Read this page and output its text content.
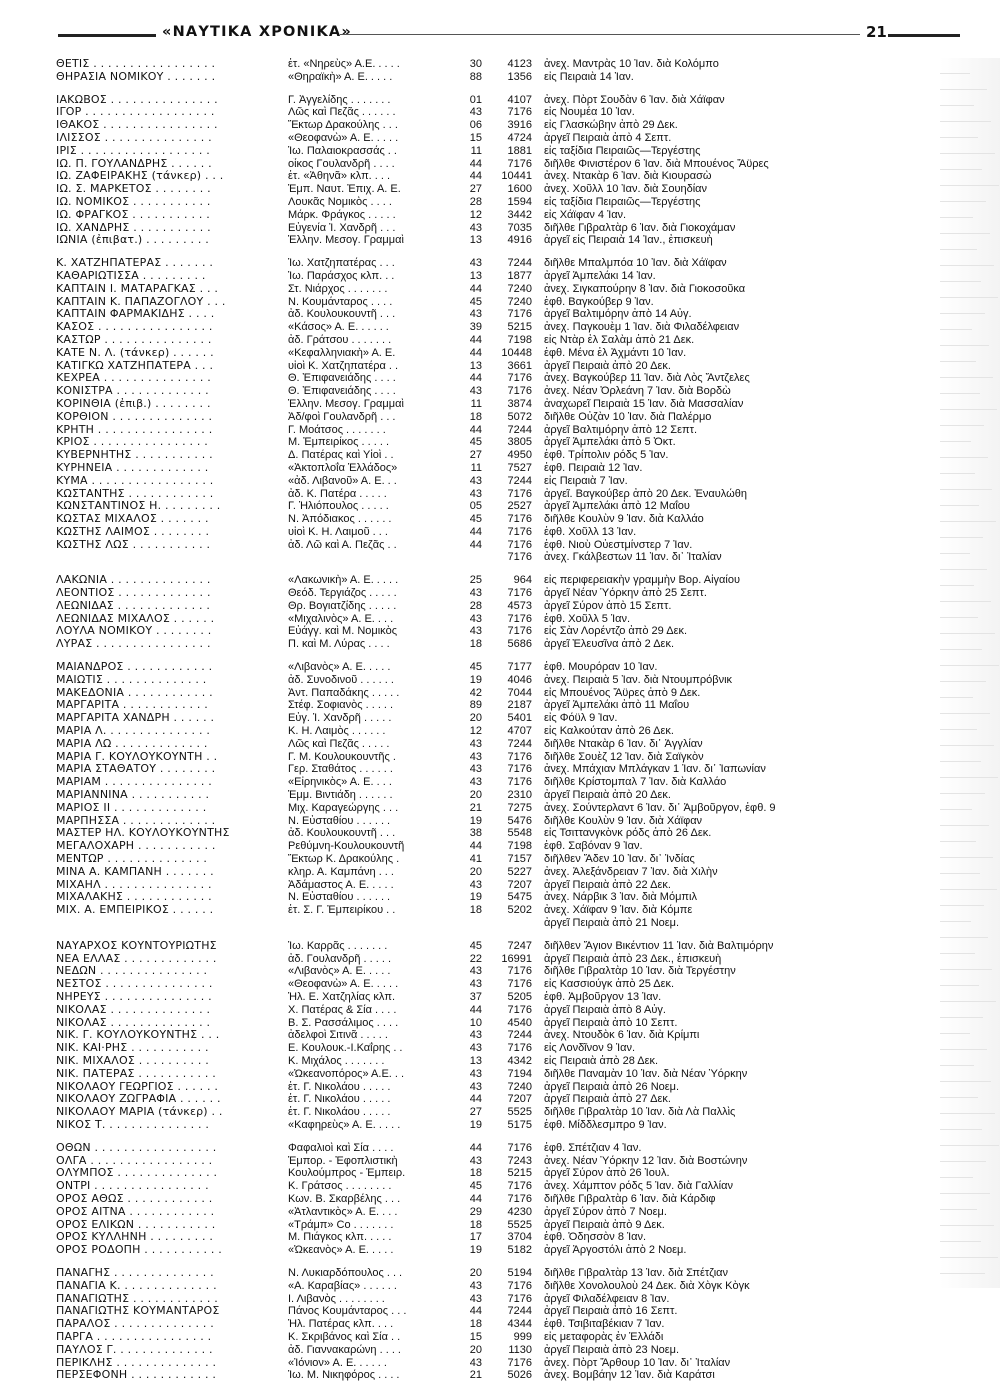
«ΝΑΥΤΙΚΑ ΧΡΟΝΙΚΑ»	21
ΘΕΤΙΣ . . . . . . . . . . . . . . . . .	ἐτ. «Νηρεὺς» Α.Ε. . . . .	30	4123 ἀνεχ. Μαντρὰς 10 Ἰαν. διὰ Κολόμπο
ΘΗΡΑΣΙΑ ΝΟΜΙΚΟΥ . . . . . . .	«Θηραϊκὴ» Α. Ε. . . . .	88	1356 εἰς Πειραιὰ 14 Ἰαν.
ΙΑΚΩΒΟΣ . . . . . . . . . . . . . . .	Γ. Ἀγγελίδης . . . . . . .	01	4107 ἀνεχ. Πὸρτ Σουδὰν 6 Ἰαν. διὰ Χάϊφαν
ΙΓΟΡ . . . . . . . . . . . . . . . . . .	Λῶς καὶ Πεζᾶς . . . . . .	43	7176 εἰς Νουμέα 10 Ἰαν.
ΙΘΑΚΟΣ . . . . . . . . . . . . . . . .	Ἕκτωρ Δρακούλης . . .	06	3916 εἰς Γλασκώβην ἀπὸ 29 Δεκ.
ΙΛΙΣΣΟΣ . . . . . . . . . . . . . . .	«Θεοφανὼ» Α. Ε. . . . .	15	4724 ἀργεῖ Πειραιὰ ἀπὸ 4 Σεπτ.
ΙΡΙΣ . . . . . . . . . . . . . . . . . .	Ἰω. Παλαιοκρασσάς . .	11	1881 εἰς ταξίδια Πειραιῶς—Τεργέστης
ΙΩ. Π. ΓΟΥΛΑΝΔΡΗΣ . . . . . .	οἶκος Γουλανδρῆ . . . .	44	7176 διῆλθε Φινιστέρον 6 Ἰαν. διὰ Μπουένος Ἄϋρες
ΙΩ. ΖΑΦΕΙΡΑΚΗΣ (τάνκερ) . . .	ἐτ. «Ἀθηνᾶ» κλπ. . . .	44	10441 ἀνεχ. Ντακὰρ 6 Ἰαν. διὰ Κιουρασὼ
ΙΩ. Σ. ΜΑΡΚΕΤΟΣ . . . . . . . .	Ἐμπ. Ναυτ. Ἐπιχ. Α. Ε.	27	1600 ἀνεχ. Χοῦλλ 10 Ἰαν. διὰ Σουηδίαν
ΙΩ. ΝΟΜΙΚΟΣ . . . . . . . . . . .	Λουκᾶς Νομικὸς . . . .	28	1594 εἰς ταξίδια Πειραιῶς—Τεργέστης
ΙΩ. ΦΡΑΓΚΟΣ . . . . . . . . . . .	Μάρκ. Φράγκος . . . . .	12	3442 εἰς Χάϊφαν 4 Ἰαν.
ΙΩ. ΧΑΝΔΡΗΣ . . . . . . . . . . .	Εὐγενία Ἰ. Χανδρῆ . . .	43	7035 διῆλθε Γιβραλτὰρ 6 Ἰαν. διὰ Γιοκοχάμαν
ΙΩΝΙΑ (ἐπιβατ.) . . . . . . . . .	Ἑλλην. Μεσογ. Γραμμαὶ	13	4916 ἀργεῖ εἰς Πειραιὰ 14 Ἰαν., ἐπισκευὴ
Κ. ΧΑΤΖΗΠΑΤΕΡΑΣ . . . . . . .	Ἰω. Χατζηπατέρας . . .	43	7244 διῆλθε Μπαλμπόα 10 Ἰαν. διὰ Χάϊφαν
ΚΑΘΑΡΙΩΤΙΣΣΑ . . . . . . . . .	Ἰω. Παράσχος κλπ. . .	13	1877 ἀργεῖ Ἀμπελάκι 14 Ἰαν.
ΚΑΠΤΑΙΝ Ι. ΜΑΤΑΡΑΓΚΑΣ . . .	Στ. Νιάρχος . . . . . . .	44	7240 ἀνεχ. Σιγκαπούρην 8 Ἰαν. διὰ Γιοκοσοῦκα
ΚΑΠΤΑΙΝ Κ. ΠΑΠΑΖΟΓΛΟΥ . . .	Ν. Κουμάνταρος . . . .	45	7240 ἐφθ. Βαγκούβερ 9 Ἰαν.
ΚΑΠΤΑΙΝ ΦΑΡΜΑΚΙΔΗΣ . . . .	ἀδ. Κουλουκουντῆ . . .	43	7176 ἀργεῖ Βαλτιμόρην ἀπὸ 14 Αὐγ.
ΚΑΣΟΣ . . . . . . . . . . . . . . . .	«Κάσος» Α. Ε. . . . . .	39	5215 ἀνεχ. Παγκουὲμ 1 Ἰαν. διὰ Φιλαδέλφειαν
ΚΑΣΤΩΡ . . . . . . . . . . . . . . .	ἀδ. Γράτσου . . . . . . .	44	7198 εἰς Ντὰρ ἐλ Σαλὰμ ἀπὸ 21 Δεκ.
ΚΑΤΕ Ν. Λ. (τάνκερ) . . . . . .	«Κεφαλληνιακὴ» Α. Ε.	44	10448 ἐφθ. Μένα ἐλ Ἀχμάντι 10 Ἰαν.
ΚΑΤΙΓΚΩ ΧΑΤΖΗΠΑΤΕΡΑ . . .	υἱοὶ Κ. Χατζηπατέρα . .	13	3661 ἀργεῖ Πειραιὰ ἀπὸ 20 Δεκ.
ΚΕΧΡΕΑ . . . . . . . . . . . . . . .	Θ. Ἐπιφανειάδης . . . .	44	7176 ἀνεχ. Βαγκούβερ 11 Ἰαν. διὰ Λὸς Ἄντζελες
ΚΟΝΙΣΤΡΑ . . . . . . . . . . . . .	Θ. Ἐπιφανειάδης . . . .	43	7176 ἀνεχ. Νέαν Ὀρλεάνη 7 Ἰαν. διὰ Βορδὼ
ΚΟΡΙΝΘΙΑ (ἐπιβ.) . . . . . . . .	Ἑλλην. Μεσογ. Γραμμαὶ	11	3874 ἀναχωρεῖ Πειραιὰ 15 Ἰαν. διὰ Μασσαλίαν
ΚΟΡΘΙΟΝ . . . . . . . . . . . . . .	Ἀδ/φοὶ Γουλανδρῆ . . .	18	5072 διῆλθε Οὐζὰν 10 Ἰαν. διὰ Παλέρμο
ΚΡΗΤΗ . . . . . . . . . . . . . . . .	Γ. Μοάτσος . . . . . . .	44	7244 ἀργεῖ Βαλτιμόρην ἀπὸ 12 Σεπτ.
ΚΡΙΟΣ . . . . . . . . . . . . . . . .	Μ. Ἐμπειρίκος . . . . .	45	3805 ἀργεῖ Ἀμπελάκι ἀπὸ 5 Ὀκτ.
ΚΥΒΕΡΝΗΤΗΣ . . . . . . . . . . .	Δ. Πατέρας καὶ Υἱοὶ . .	27	4950 ἐφθ. Τρίπολιν ρόδς 5 Ἰαν.
ΚΥΡΗΝΕΙΑ . . . . . . . . . . . . .	«Ἀκτοπλοΐα Ἑλλάδος»	11	7527 ἐφθ. Πειραιὰ 12 Ἰαν.
ΚΥΜΑ . . . . . . . . . . . . . . . . .	«ἀδ. Λιβανοῦ» Α. Ε. . .	43	7244 εἰς Πειραιὰ 7 Ἰαν.
ΚΩΣΤΑΝΤΗΣ . . . . . . . . . . . .	ἀδ. Κ. Πατέρα . . . . .	43	7176 ἀργεῖ. Βαγκούβερ ἀπὸ 20 Δεκ. Ἐναυλώθη
ΚΩΝΣΤΑΝΤΙΝΟΣ Η. . . . . . . . .	Γ. Ἡλιόπουλος . . . . .	05	2527 ἀργεῖ Ἀμπελάκι ἀπὸ 12 Μαΐου
ΚΩΣΤΑΣ ΜΙΧΑΛΟΣ . . . . . . .	Ν. Ἀπόδιακος . . . . . .	45	7176 διῆλθε Κουλὺν 9 Ἰαν. διὰ Καλλάο
ΚΩΣΤΗΣ ΛΑΙΜΟΣ . . . . . . . .	υἱοὶ Κ. Η. Λαιμοῦ . . .	44	7176 ἐφθ. Χοῦλλ 13 Ἰαν.
ΚΩΣΤΗΣ ΛΩΣ . . . . . . . . . . .	ἀδ. Λῶ καὶ Α. Πεζᾶς . .	44	7176 ἐφθ. Νιοὺ Οὐεστμίνστερ 7 Ἰαν.
7176 ἀνεχ. Γκάλβεστων 11 Ἰαν. δι᾽ Ἰταλίαν
ΛΑΚΩΝΙΑ . . . . . . . . . . . . . .	«Λακωνικὴ» Α. Ε. . . . .	25	964 εἰς περιφερειακὴν γραμμὴν Βορ. Αἰγαίου
ΛΕΟΝΤΙΟΣ . . . . . . . . . . . . .	Θεόδ. Τεργιάζος . . . . .	43	7176 ἀργεῖ Νέαν Ὑόρκην ἀπὸ 25 Σεπτ.
ΛΕΩΝΙΔΑΣ . . . . . . . . . . . . .	Θρ. Βογιατζίδης . . . . .	28	4573 ἀργεῖ Σύρον ἀπὸ 15 Σεπτ.
ΛΕΩΝΙΔΑΣ ΜΙΧΑΛΟΣ . . . . . .	«Μιχαλινὸς» Α. Ε. . . .	43	7176 ἐφθ. Χοῦλλ 5 Ἰαν.
ΛΟΥΛΑ ΝΟΜΙΚΟΥ . . . . . . . .	Εὐάγγ. καὶ Μ. Νομικὸς	43	7176 εἰς Σὰν Λορέντζο ἀπὸ 29 Δεκ.
ΛΥΡΑΣ . . . . . . . . . . . . . . . .	Π. καὶ Μ. Λύρας . . . .	18	5686 ἀργεῖ Ἐλευσῖνα ἀπὸ 2 Δεκ.
ΜΑΙΑΝΔΡΟΣ . . . . . . . . . . . .	«Λιβανὸς» Α. Ε. . . . .	45	7177 ἐφθ. Μουρόραν 10 Ἰαν.
ΜΑΙΩΤΙΣ . . . . . . . . . . . . . .	ἀδ. Συνοδινοῦ . . . . . .	19	4046 ἀνεχ. Πειραιὰ 5 Ἰαν. διὰ Ντουμπρόβνικ
ΜΑΚΕΔΟΝΙΑ . . . . . . . . . . . .	Ἀντ. Παπαδάκης . . . . .	42	7044 εἰς Μπουένος Ἄϋρες ἀπὸ 9 Δεκ.
ΜΑΡΓΑΡΙΤΑ . . . . . . . . . . . .	Στέφ. Σοφιανὸς . . . . .	89	2187 ἀργεῖ Ἀμπελάκι ἀπὸ 11 Μαΐου
ΜΑΡΓΑΡΙΤΑ ΧΑΝΔΡΗ . . . . . .	Εὐγ. Ἰ. Χανδρῆ . . . . .	20	5401 εἰς Φόϋλ 9 Ἰαν.
ΜΑΡΙΑ Λ. . . . . . . . . . . . . . .	Κ. Η. Λαιμὸς . . . . . .	12	4707 εἰς Καλκούταν ἀπὸ 26 Δεκ.
ΜΑΡΙΑ ΛΩ . . . . . . . . . . . . .	Λῶς καὶ Πεζᾶς . . . . .	43	7244 διῆλθε Ντακὰρ 6 Ἰαν. δι᾽ Ἀγγλίαν
ΜΑΡΙΑ Γ. ΚΟΥΛΟΥΚΟΥΝΤΗ . .	Γ. Μ. Κουλουκουντῆς .	43	7176 διῆλθε Σουὲζ 12 Ἰαν. διὰ Σαϊγκὸν
ΜΑΡΙΑ ΣΤΑΘΑΤΟΥ . . . . . . . .	Γερ. Σταθάτος . . . . . .	43	7176 ἀνεχ. Μπάχιαν Μπλάγκαν 1 Ἰαν. δι᾽ Ἰαπωνίαν
ΜΑΡΙΑΜ . . . . . . . . . . . . . . .	«Εἰρηνικὸς» Α. Ε. . . .	43	7176 διῆλθε Κρίστομπαλ 7 Ἰαν. διὰ Καλλάο
ΜΑΡΙΑΝΝΙΝΑ . . . . . . . . . . .	Ἐμμ. Βιντιάδη . . . . . .	20	2310 ἀργεῖ Πειραιὰ ἀπὸ 20 Δεκ.
ΜΑΡΙΟΣ ΙΙ . . . . . . . . . . . . .	Μιχ. Καραγεώργης . . .	21	7275 ἀνεχ. Σούντερλαντ 6 Ἰαν. δι᾽ Ἀμβοῦργον, ἐφθ. 9
ΜΑΡΠΗΣΣΑ . . . . . . . . . . . . .	Ν. Εὐσταθίου . . . . . .	19	5476 διῆλθε Κουλὺν 9 Ἰαν. διὰ Χάϊφαν
ΜΑΣΤΕΡ ΗΛ. ΚΟΥΛΟΥΚΟΥΝΤΗΣ	ἀδ. Κουλουκουντῆ . . .	38	5548 εἰς Τσιττανγκὸνκ ρόδς ἀπὸ 26 Δεκ.
ΜΕΓΑΛΟΧΑΡΗ . . . . . . . . . . .	Ρεθύμνη-Κουλουκουντῆ	44	7198 ἐφθ. Σαβόναν 9 Ἰαν.
ΜΕΝΤΩΡ . . . . . . . . . . . . . .	Ἕκτωρ Κ. Δρακούλης .	41	7157 διῆλθεν Ἄδεν 10 Ἰαν. δι᾽ Ἰνδίας
ΜΙΝΑ Α. ΚΑΜΠΑΝΗ . . . . . . .	κληρ. Α. Καμπάνη . . .	20	5227 ἀνεχ. Ἀλεξάνδρειαν 7 Ἰαν. διὰ Χιλὴν
ΜΙΧΑΗΛ . . . . . . . . . . . . . . .	Ἀδάμαστος Α. Ε. . . . .	43	7207 ἀργεῖ Πειραιὰ ἀπὸ 22 Δεκ.
ΜΙΧΑΛΑΚΗΣ . . . . . . . . . . . .	Ν. Εὐσταθίου . . . . . .	19	5475 ἀνεχ. Νάρβικ 3 Ἰαν. διὰ Μόμπιλ
ΜΙΧ. Α. ΕΜΠΕΙΡΙΚΟΣ . . . . . .	ἐτ. Σ. Γ. Ἐμπειρίκου . .	18	5202 ἀνεχ. Χάϊφαν 9 Ἰαν. διὰ Κόμπε
ἀργεῖ Πειραιὰ ἀπὸ 21 Νοεμ.
ΝΑΥΑΡΧΟΣ ΚΟΥΝΤΟΥΡΙΩΤΗΣ	Ἰω. Καρρᾶς . . . . . . .	45	7247 διῆλθεν Ἅγιον Βικέντιον 11 Ἰαν. διὰ Βαλτιμόρην
ΝΕΑ ΕΛΛΑΣ . . . . . . . . . . . . .	ἀδ. Γουλανδρῆ . . . . .	22	16991 ἀργεῖ Πειραιὰ ἀπὸ 23 Δεκ., ἐπισκευὴ
ΝΕΔΩΝ . . . . . . . . . . . . . . .	«Λιβανὸς» Α. Ε. . . . .	43	7176 διῆλθε Γιβραλτὰρ 10 Ἰαν. διὰ Τεργέστην
ΝΕΣΤΟΣ . . . . . . . . . . . . . . .	«Θεοφανὼ» Α. Ε. . . . .	43	7176 εἰς Κασσιούγκ ἀπὸ 25 Δεκ.
ΝΗΡΕΥΣ . . . . . . . . . . . . . . .	Ἠλ. Ε. Χατζηλίας κλπ.	37	5205 ἐφθ. Ἀμβοῦργον 13 Ἰαν.
ΝΙΚΟΛΑΣ . . . . . . . . . . . . . .	Χ. Πατέρας & Σία . . . .	44	7176 ἀργεῖ Πειραιὰ ἀπὸ 8 Αὐγ.
ΝΙΚΟΛΑΣ . . . . . . . . . . . . . .	Β. Σ. Ρασσάλιμος . . . .	10	4540 ἀργεῖ Πειραιὰ ἀπὸ 10 Σεπτ.
ΝΙΚ. Γ. ΚΟΥΛΟΥΚΟΥΝΤΗΣ . . .	ἀδελφοὶ Σιτινᾶ . . . . .	43	7244 ἀνεχ. Ντουδὸκ 6 Ἰαν. διὰ Κρίμπι
ΝΙΚ. ΚΑΙ·ΡΗΣ . . . . . . . . . . .	Ε. Κουλουκ.-Ι.Καΐρης . .	43	7176 εἰς Λονδῖνον 9 Ἰαν.
ΝΙΚ. ΜΙΧΑΛΟΣ . . . . . . . . . .	Κ. Μιχάλος . . . . . . .	13	4342 εἰς Πειραιὰ ἀπὸ 28 Δεκ.
ΝΙΚ. ΠΑΤΕΡΑΣ . . . . . . . . . . .	«Ὠκεανοπόρος» Α.Ε. . .	43	7194 διῆλθε Παναμὰν 10 Ἰαν. διὰ Νέαν Ὑόρκην
ΝΙΚΟΛΑΟΥ ΓΕΩΡΓΙΟΣ . . . . . .	ἐτ. Γ. Νικολάου . . . . .	43	7240 ἀργεῖ Πειραιὰ ἀπὸ 26 Νοεμ.
ΝΙΚΟΛΑΟΥ ΖΩΓΡΑΦΙΑ . . . . . .	ἐτ. Γ. Νικολάου . . . . .	44	7207 ἀργεῖ Πειραιὰ ἀπὸ 27 Δεκ.
ΝΙΚΟΛΑΟΥ ΜΑΡΙΑ (τάνκερ) . .	ἐτ. Γ. Νικολάου . . . . .	27	5525 διῆλθε Γιβραλτὰρ 10 Ἰαν. διὰ Λὰ Παλλὶς
ΝΙΚΟΣ Τ. . . . . . . . . . . . . . .	«Καφηρεὺς» Α. Ε. . . . .	19	5175 ἐφθ. Μίδδλεσμπρο 9 Ἰαν.
ΟΘΩΝ . . . . . . . . . . . . . . . . .	Φαφαλιοὶ καὶ Σία . . . .	44	7176 ἐφθ. Σπέτζιαν 4 Ἰαν.
ΟΛΓΑ . . . . . . . . . . . . . . . . .	Ἐμπορ. - Ἐφοπλιστικὴ	43	7243 ἀνεχ. Νέαν Ὑόρκην 12 Ἰαν. διὰ Βοστώνην
ΟΛΥΜΠΟΣ . . . . . . . . . . . . . .	Κουλούμπρος - Ἐμπειρ.	18	5215 ἀργεῖ Σύρον ἀπὸ 26 Ἰουλ.
ΟΝΤΡΙ . . . . . . . . . . . . . . . .	Κ. Γράτσος . . . . . . . .	45	7176 ἀνεχ. Χάμπτον ρόδς 5 Ἰαν. διὰ Γαλλίαν
ΟΡΟΣ ΑΘΩΣ . . . . . . . . . . . .	Κων. Β. Σκαρβέλης . . .	44	7176 διῆλθε Γιβραλτὰρ 6 Ἰαν. διὰ Κάρδιφ
ΟΡΟΣ ΑΙΤΝΑ . . . . . . . . . . . .	«Ἀτλαντικὸς» Α. Ε. . . .	29	4230 ἀργεῖ Σύρον ἀπὸ 7 Νοεμ.
ΟΡΟΣ ΕΛΙΚΩΝ . . . . . . . . . . .	«Τράμπ» Co . . . . . . .	18	5525 ἀργεῖ Πειραιὰ ἀπὸ 9 Δεκ.
ΟΡΟΣ ΚΥΛΛΗΝΗ . . . . . . . . .	Μ. Πιάγκος κλπ. . . . .	17	3704 ἐφθ. Ὀδησσὸν 8 Ἰαν.
ΟΡΟΣ ΡΟΔΟΠΗ . . . . . . . . . . .	«Ὠκεανὸς» Α. Ε. . . . .	19	5182 ἀργεῖ Ἀργοστόλι ἀπὸ 2 Νοεμ.
ΠΑΝΑΓΗΣ . . . . . . . . . . . . . .	Ν. Λυκιαρδόπουλος . . .	20	5194 διῆλθε Γιβραλτὰρ 13 Ἰαν. διὰ Σπέτζιαν
ΠΑΝΑΓΙΑ Κ. . . . . . . . . . . . . .	«Α. Καραβίας» . . . . . .	43	7176 διῆλθε Χονολουλοὺ 24 Δεκ. διὰ Χὸγκ Κὸγκ
ΠΑΝΑΓΙΩΤΗΣ . . . . . . . . . . . .	Ι. Λιβανὸς . . . . . . . .	43	7176 ἀργεῖ Φιλαδέλφειαν 8 Ἰαν.
ΠΑΝΑΓΙΩΤΗΣ ΚΟΥΜΑΝΤΑΡΟΣ	Πάνος Κουμάνταρος . . .	44	7244 ἀργεῖ Πειραιὰ ἀπὸ 16 Σεπτ.
ΠΑΡΑΛΟΣ . . . . . . . . . . . . . .	Ἠλ. Πατέρας κλπ. . . .	18	4344 ἐφθ. Τσιβιταβέκιαν 7 Ἰαν.
ΠΑΡΓΑ . . . . . . . . . . . . . . . .	Κ. Σκριβάνος καὶ Σία . .	15	999 εἰς μεταφορὰς ἐν Ἑλλάδι
ΠΑΥΛΟΣ Γ. . . . . . . . . . . . . .	ἀδ. Γιαννακαρώνη . . . .	20	1130 ἀργεῖ Πειραιὰ ἀπὸ 23 Νοεμ.
ΠΕΡΙΚΛΗΣ . . . . . . . . . . . . . .	«Ἰόνιον» Α. Ε. . . . . .	43	7176 ἀνεχ. Πὸρτ Ἄρθουρ 10 Ἰαν. δι᾽ Ἰταλίαν
ΠΕΡΣΕΦΟΝΗ . . . . . . . . . . . .	Ἰω. Μ. Νικηφόρος . . . .	21	5026 ἀνεχ. Βομβάην 12 Ἰαν. διὰ Καράτσι
